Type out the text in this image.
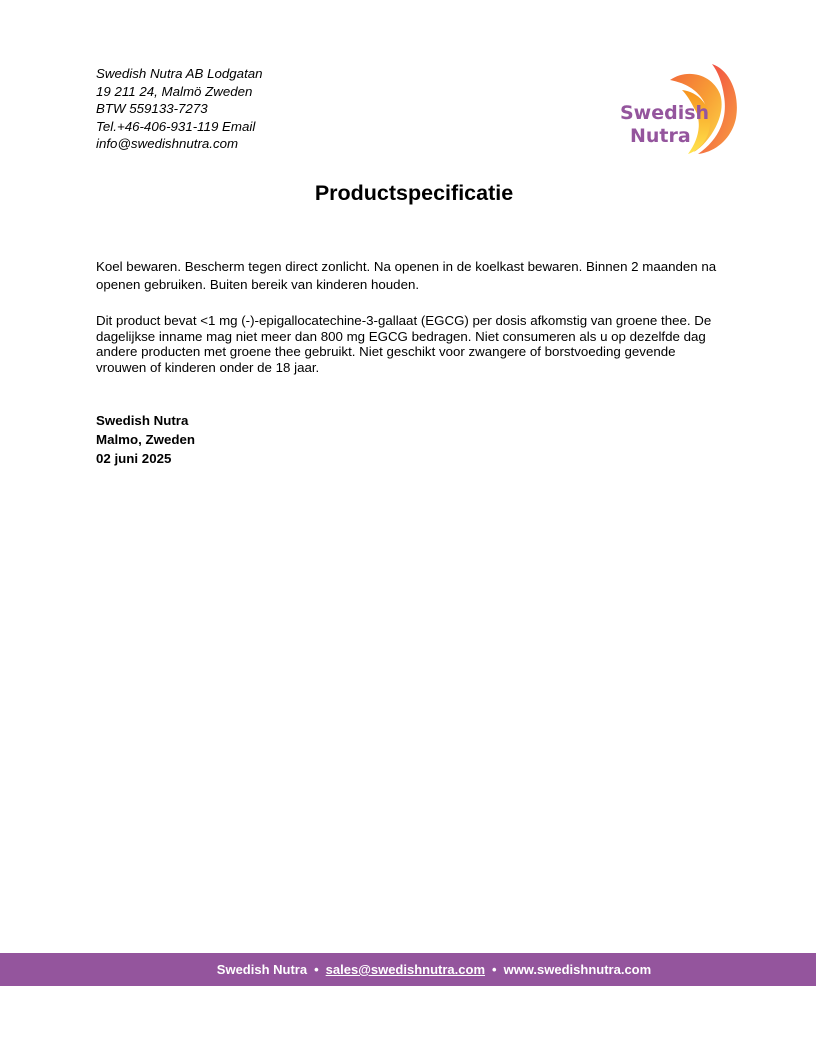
Swedish Nutra AB Lodgatan
19 211 24, Malmö Zweden
BTW 559133-7273
Tel.+46-406-931-119 Email
info@swedishnutra.com
Swedish
Nutra
Productspecificatie

Koel bewaren. Bescherm tegen direct zonlicht. Na openen in de koelkast bewaren. Binnen 2 maanden na openen gebruiken. Buiten bereik van kinderen houden.

Dit product bevat <1 mg (-)-epigallocatechine-3-gallaat (EGCG) per dosis afkomstig van groene thee. De dagelijkse inname mag niet meer dan 800 mg EGCG bedragen. Niet consumeren als u op dezelfde dag andere producten met groene thee gebruikt. Niet geschikt voor zwangere of borstvoeding gevende vrouwen of kinderen onder de 18 jaar.

Swedish Nutra
Malmo, Zweden
02 juni 2025
Swedish Nutra • sales@swedishnutra.com • www.swedishnutra.com
